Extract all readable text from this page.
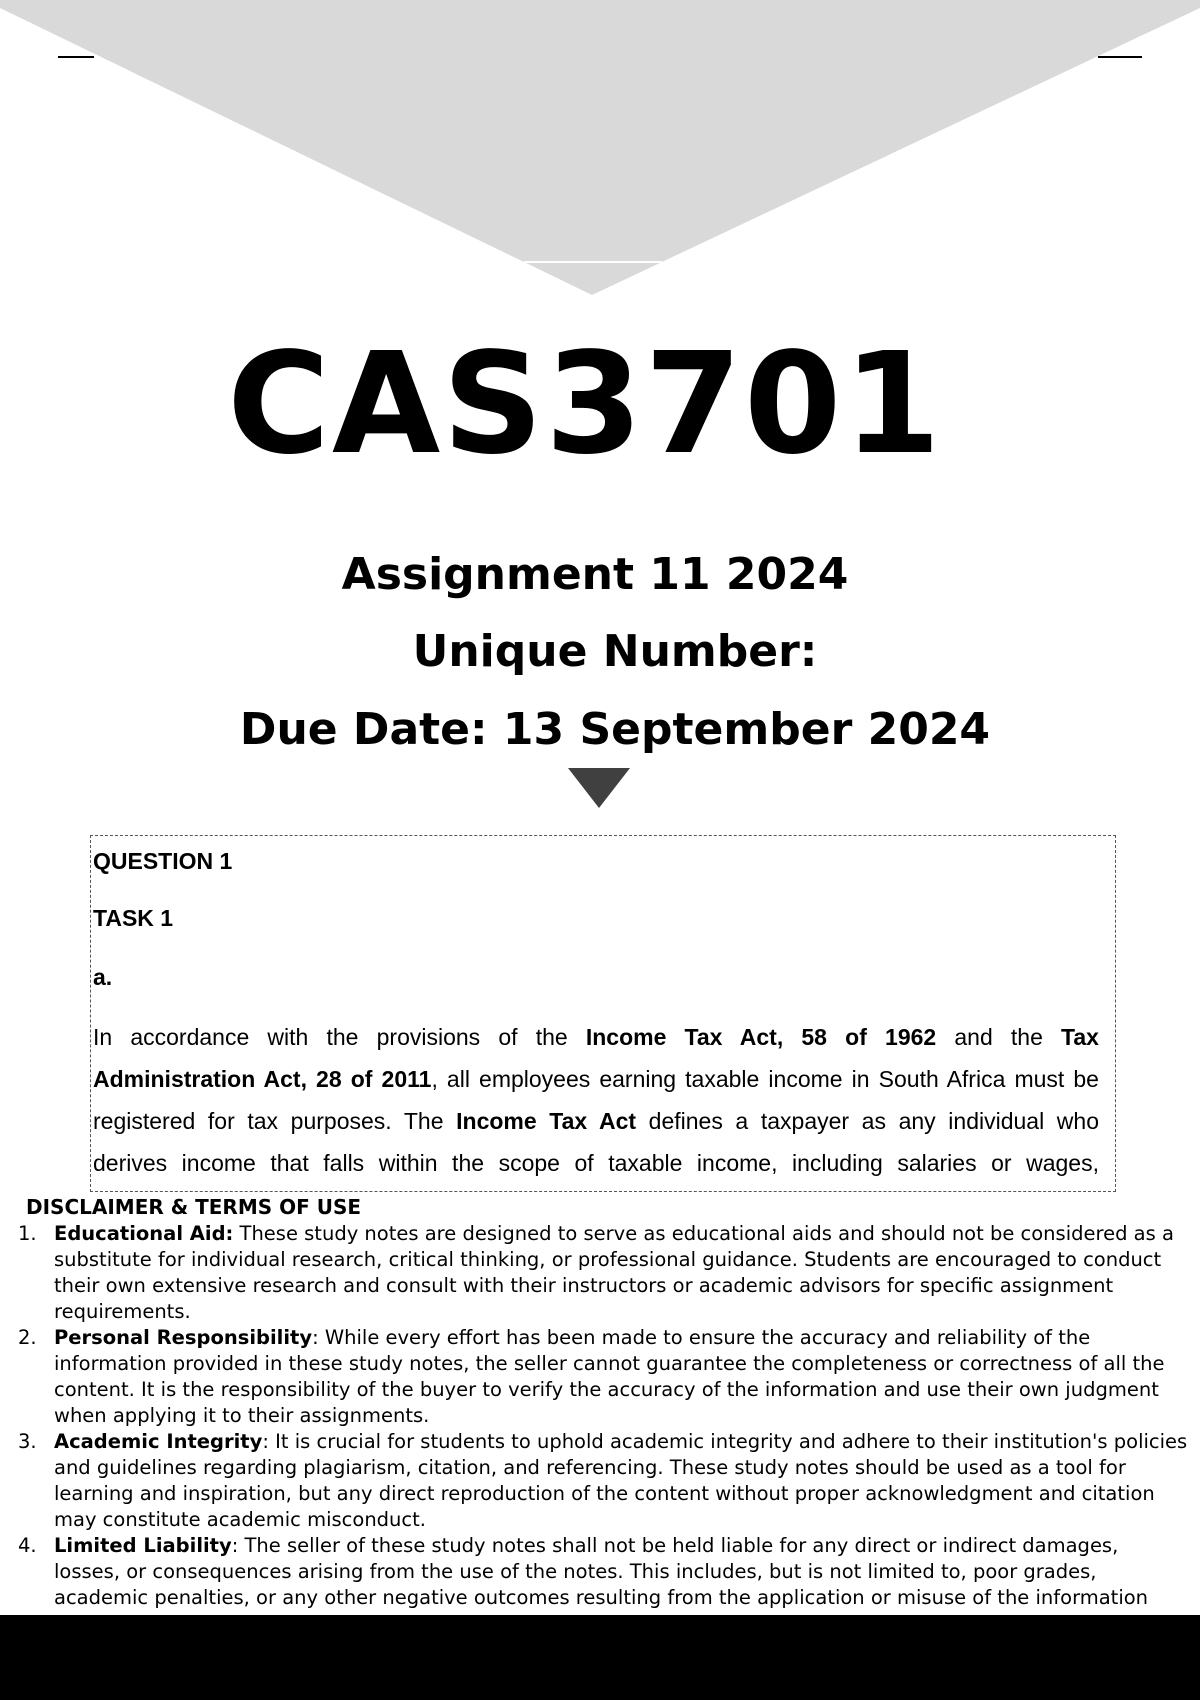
CAS3701
Assignment 11 2024
Unique Number:
Due Date: 13 September 2024
QUESTION 1
TASK 1
a.
In accordance with the provisions of the Income Tax Act, 58 of 1962 and the Tax
Administration Act, 28 of 2011, all employees earning taxable income in South Africa must be
registered for tax purposes. The Income Tax Act defines a taxpayer as any individual who
derives income that falls within the scope of taxable income, including salaries or wages,
DISCLAIMER & TERMS OF USE
1. Educational Aid: These study notes are designed to serve as educational aids and should not be considered as a substitute for individual research, critical thinking, or professional guidance. Students are encouraged to conduct their own extensive research and consult with their instructors or academic advisors for specific assignment requirements.
2. Personal Responsibility: While every effort has been made to ensure the accuracy and reliability of the information provided in these study notes, the seller cannot guarantee the completeness or correctness of all the content. It is the responsibility of the buyer to verify the accuracy of the information and use their own judgment when applying it to their assignments.
3. Academic Integrity: It is crucial for students to uphold academic integrity and adhere to their institution's policies and guidelines regarding plagiarism, citation, and referencing. These study notes should be used as a tool for learning and inspiration, but any direct reproduction of the content without proper acknowledgment and citation may constitute academic misconduct.
4. Limited Liability: The seller of these study notes shall not be held liable for any direct or indirect damages, losses, or consequences arising from the use of the notes. This includes, but is not limited to, poor grades, academic penalties, or any other negative outcomes resulting from the application or misuse of the information
